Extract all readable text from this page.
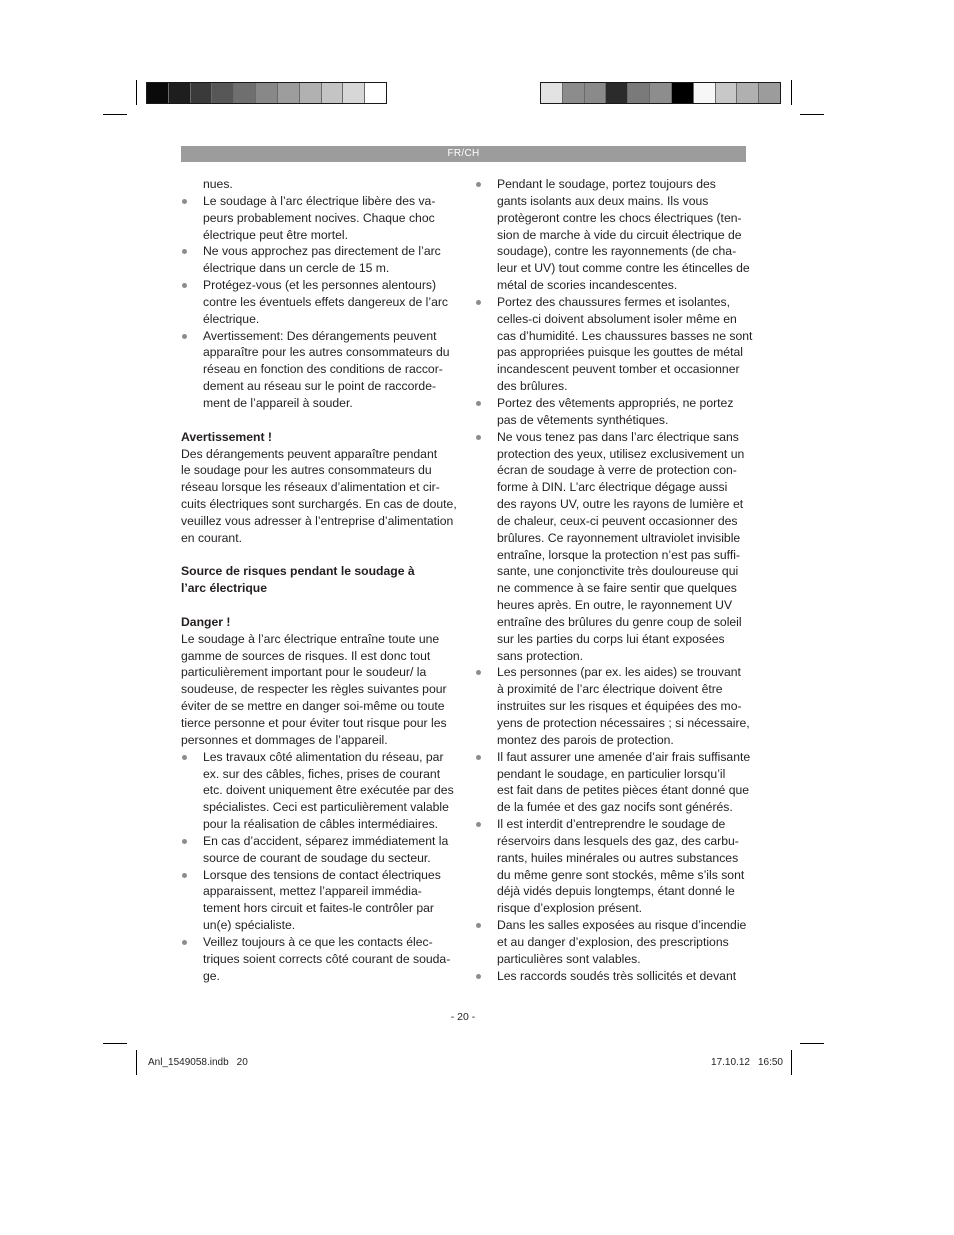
FR/CH
nues.
Le soudage à l’arc électrique libère des va-
peurs probablement nocives. Chaque choc
électrique peut être mortel.
Ne vous approchez pas directement de l’arc
électrique dans un cercle de 15 m.
Protégez-vous (et les personnes alentours)
contre les éventuels effets dangereux de l’arc
électrique.
Avertissement: Des dérangements peuvent
apparaître pour les autres consommateurs du
réseau en fonction des conditions de raccor-
dement au réseau sur le point de raccorde-
ment de l’appareil à souder.
Avertissement !
Des dérangements peuvent apparaître pendant
le soudage pour les autres consommateurs du
réseau lorsque les réseaux d’alimentation et cir-
cuits électriques sont surchargés. En cas de doute,
veuillez vous adresser à l’entreprise d’alimentation
en courant.
Source de risques pendant le soudage à
l’arc électrique
Danger !
Le soudage à l’arc électrique entraîne toute une
gamme de sources de risques. Il est donc tout
particulièrement important pour le soudeur/ la
soudeuse, de respecter les règles suivantes pour
éviter de se mettre en danger soi-même ou toute
tierce personne et pour éviter tout risque pour les
personnes et dommages de l’appareil.
Les travaux côté alimentation du réseau, par
ex. sur des câbles, fiches, prises de courant
etc. doivent uniquement être exécutée par des
spécialistes. Ceci est particulièrement valable
pour la réalisation de câbles intermédiaires.
En cas d’accident, séparez immédiatement la
source de courant de soudage du secteur.
Lorsque des tensions de contact électriques
apparaissent, mettez l’appareil immédia-
tement hors circuit et faites-le contrôler par
un(e) spécialiste.
Veillez toujours à ce que les contacts élec-
triques soient corrects côté courant de souda-
ge.
Pendant le soudage, portez toujours des
gants isolants aux deux mains. Ils vous
protègeront contre les chocs électriques (ten-
sion de marche à vide du circuit électrique de
soudage), contre les rayonnements (de cha-
leur et UV) tout comme contre les étincelles de
métal de scories incandescentes.
Portez des chaussures fermes et isolantes,
celles-ci doivent absolument isoler même en
cas d’humidité. Les chaussures basses ne sont
pas appropriées puisque les gouttes de métal
incandescent peuvent tomber et occasionner
des brûlures.
Portez des vêtements appropriés, ne portez
pas de vêtements synthétiques.
Ne vous tenez pas dans l’arc électrique sans
protection des yeux, utilisez exclusivement un
écran de soudage à verre de protection con-
forme à DIN. L’arc électrique dégage aussi
des rayons UV, outre les rayons de lumière et
de chaleur, ceux-ci peuvent occasionner des
brûlures. Ce rayonnement ultraviolet invisible
entraîne, lorsque la protection n’est pas suffi-
sante, une conjonctivite très douloureuse qui
ne commence à se faire sentir que quelques
heures après. En outre, le rayonnement UV
entraîne des brûlures du genre coup de soleil
sur les parties du corps lui étant exposées
sans protection.
Les personnes (par ex. les aides) se trouvant
à proximité de l’arc électrique doivent être
instruites sur les risques et équipées des mo-
yens de protection nécessaires ; si nécessaire,
montez des parois de protection.
Il faut assurer une amenée d’air frais suffisante
pendant le soudage, en particulier lorsqu’il
est fait dans de petites pièces étant donné que
de la fumée et des gaz nocifs sont générés.
Il est interdit d’entreprendre le soudage de
réservoirs dans lesquels des gaz, des carbu-
rants, huiles minérales ou autres substances
du même genre sont stockés, même s’ils sont
déjà vidés depuis longtemps, étant donné le
risque d’explosion présent.
Dans les salles exposées au risque d’incendie
et au danger d’explosion, des prescriptions
particulières sont valables.
Les raccords soudés très sollicités et devant
- 20 -
Anl_1549058.indb 20	17.10.12 16:50
